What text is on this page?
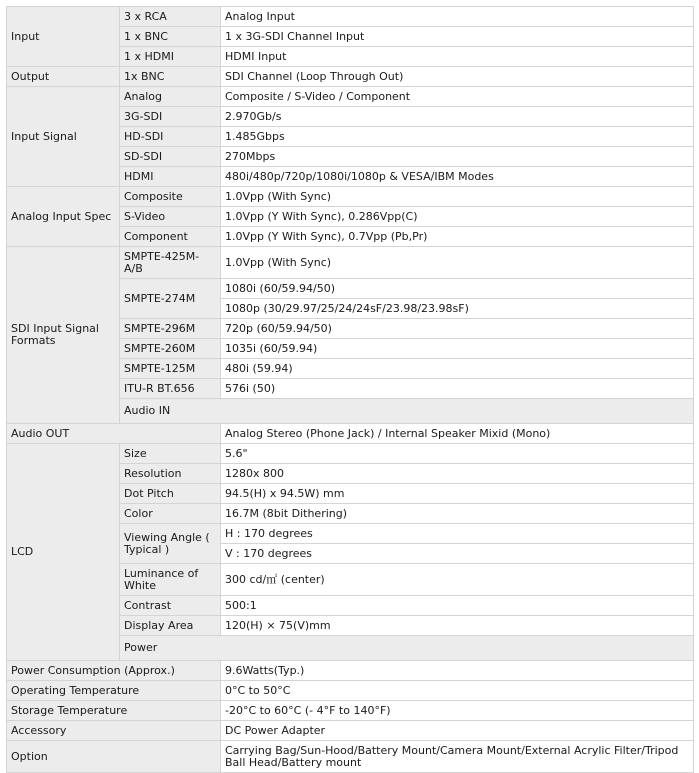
Input	3 x RCA	Analog Input	
	1 x BNC	1 x 3G-SDI Channel Input	
	1 x HDMI	HDMI Input	
Output	1x BNC	SDI Channel (Loop Through Out)	
Input Signal	Analog	Composite / S-Video / Component	
	3G-SDI	2.970Gb/s	
	HD-SDI	1.485Gbps	
	SD-SDI	270Mbps	
	HDMI	480i/480p/720p/1080i/1080p & VESA/IBM Modes	
Analog Input Spec	Composite	1.0Vpp (With Sync)	
	S-Video	1.0Vpp (Y With Sync), 0.286Vpp(C)	
	Component	1.0Vpp (Y With Sync), 0.7Vpp (Pb,Pr)	
SDI Input Signal Formats	SMPTE-425M-A/B	1.0Vpp (With Sync)	
	SMPTE-274M	1080i (60/59.94/50)	
		1080p (30/29.97/25/24/24sF/23.98/23.98sF)	
	SMPTE-296M	720p (60/59.94/50)	
	SMPTE-260M	1035i (60/59.94)	
	SMPTE-125M	480i (59.94)	
	ITU-R BT.656	576i (50)	
	Audio IN	
Audio OUT		Analog Stereo (Phone Jack) / Internal Speaker Mixid (Mono)	
LCD	Size	5.6"	
	Resolution	1280x 800	
	Dot Pitch	94.5(H) x 94.5W) mm	
	Color	16.7M (8bit Dithering)	
	Viewing Angle ( Typical )	H : 170 degrees	
		V : 170 degrees	
	Luminance of White	300 cd/㎡ (center)	
	Contrast	500:1	
	Display Area	120(H) × 75(V)mm	
	Power	
Power Consumption (Approx.)		9.6Watts(Typ.)	
Operating Temperature		0°C to 50°C	
Storage Temperature		-20°C to 60°C (- 4°F to 140°F)	
Accessory		DC Power Adapter	
Option		Carrying Bag/Sun-Hood/Battery Mount/Camera Mount/External Acrylic Filter/Tripod Ball Head/Battery mount	
